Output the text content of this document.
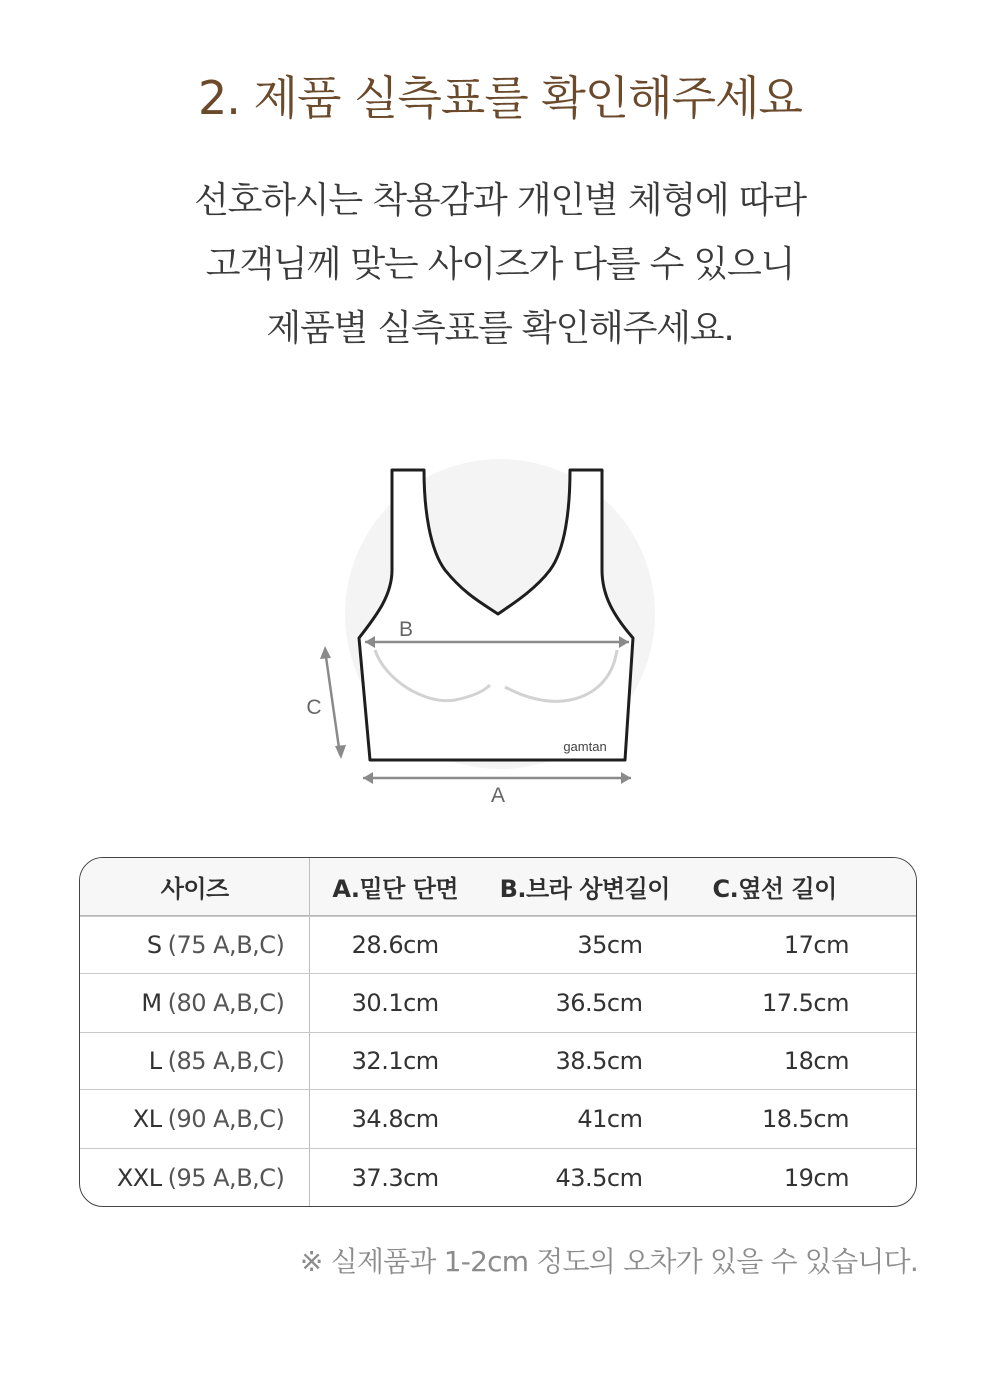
2. 제품 실측표를 확인해주세요
선호하시는 착용감과 개인별 체형에 따라
고객님께 맞는 사이즈가 다를 수 있으니
제품별 실측표를 확인해주세요.
B
C
A
gamtan
사이즈	A.밑단 단면	B.브라 상변길이	C.옆선 길이
S (75 A,B,C)	28.6cm	35cm	17cm
M (80 A,B,C)	30.1cm	36.5cm	17.5cm
L (85 A,B,C)	32.1cm	38.5cm	18cm
XL (90 A,B,C)	34.8cm	41cm	18.5cm
XXL (95 A,B,C)	37.3cm	43.5cm	19cm
※ 실제품과 1-2cm 정도의 오차가 있을 수 있습니다.
